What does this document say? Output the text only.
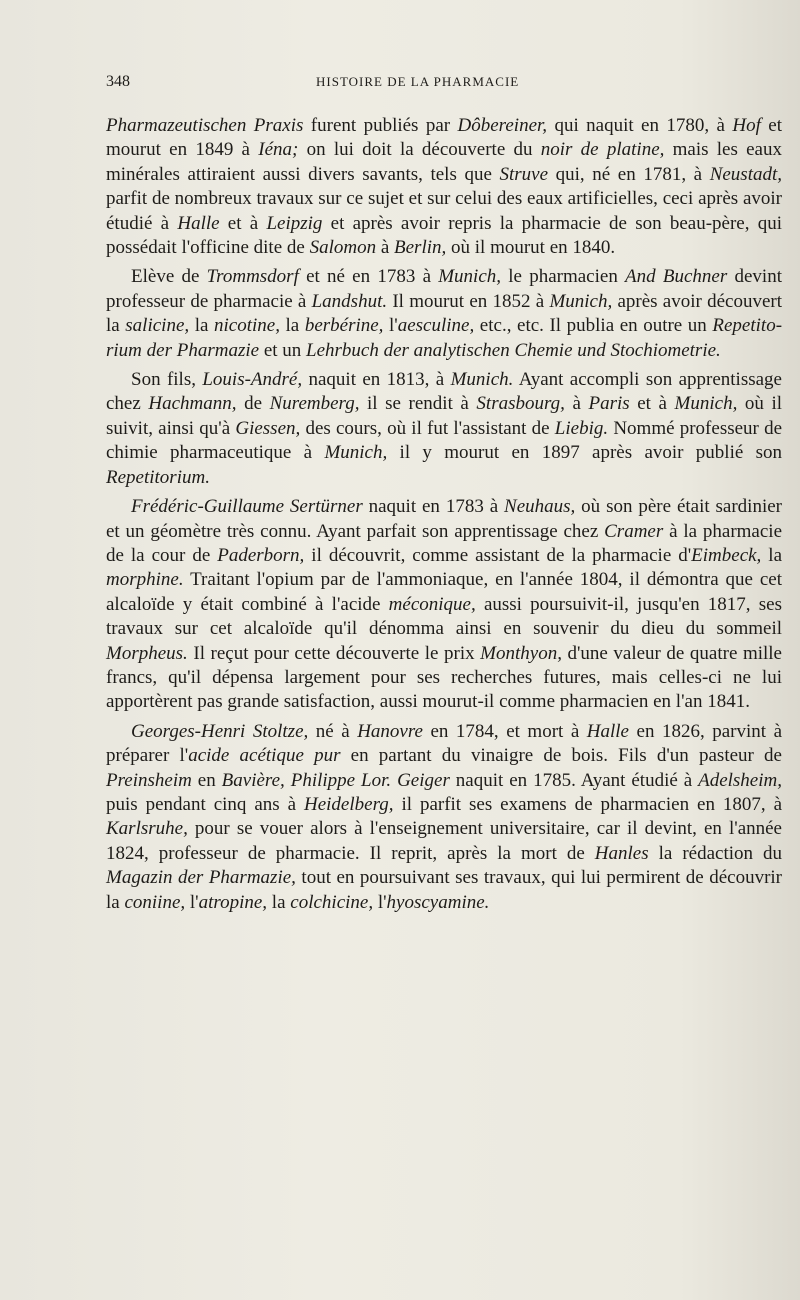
348	HISTOIRE DE LA PHARMACIE

Pharmazeutischen Praxis furent publiés par Dôbereiner, qui naquit en 1780, à Hof et mourut en 1849 à Iéna; on lui doit la découverte du noir de platine, mais les eaux minérales attiraient aussi divers savants, tels que Struve qui, né en 1781, à Neustadt, parfit de nombreux travaux sur ce sujet et sur celui des eaux artificielles, ceci après avoir étudié à Halle et à Leipzig et après avoir repris la pharmacie de son beau-père, qui possédait l'officine dite de Salomon à Berlin, où il mourut en 1840.

Elève de Trommsdorf et né en 1783 à Munich, le pharmacien And Buchner devint professeur de pharmacie à Landshut. Il mourut en 1852 à Munich, après avoir découvert la salicine, la nicotine, la berbérine, l'aesculine, etc., etc. Il publia en outre un Repetitorium der Pharmazie et un Lehrbuch der analytischen Chemie und Stochiometrie.

Son fils, Louis-André, naquit en 1813, à Munich. Ayant accompli son apprentissage chez Hachmann, de Nuremberg, il se rendit à Strasbourg, à Paris et à Munich, où il suivit, ainsi qu'à Giessen, des cours, où il fut l'assistant de Liebig. Nommé professeur de chimie pharmaceutique à Munich, il y mourut en 1897 après avoir publié son Repetitorium.

Frédéric-Guillaume Sertürner naquit en 1783 à Neuhaus, où son père était sardinier et un géomètre très connu. Ayant parfait son apprentissage chez Cramer à la pharmacie de la cour de Paderborn, il découvrit, comme assistant de la pharmacie d'Eimbeck, la morphine. Traitant l'opium par de l'ammoniaque, en l'année 1804, il démontra que cet alcaloïde y était combiné à l'acide méconique, aussi poursuivit-il, jusqu'en 1817, ses travaux sur cet alcaloïde qu'il dénomma ainsi en souvenir du dieu du sommeil Morpheus. Il reçut pour cette découverte le prix Monthyon, d'une valeur de quatre mille francs, qu'il dépensa largement pour ses recherches futures, mais celles-ci ne lui apportèrent pas grande satisfaction, aussi mourut-il comme pharmacien en l'an 1841.

Georges-Henri Stoltze, né à Hanovre en 1784, et mort à Halle en 1826, parvint à préparer l'acide acétique pur en partant du vinaigre de bois. Fils d'un pasteur de Preinsheim en Bavière, Philippe Lor. Geiger naquit en 1785. Ayant étudié à Adelsheim, puis pendant cinq ans à Heidelberg, il parfit ses examens de pharmacien en 1807, à Karlsruhe, pour se vouer alors à l'enseignement universitaire, car il devint, en l'année 1824, professeur de pharmacie. Il reprit, après la mort de Hanles la rédaction du Magazin der Pharmazie, tout en poursuivant ses travaux, qui lui permirent de découvrir la coniine, l'atropine, la colchicine, l'hyoscyamine.
